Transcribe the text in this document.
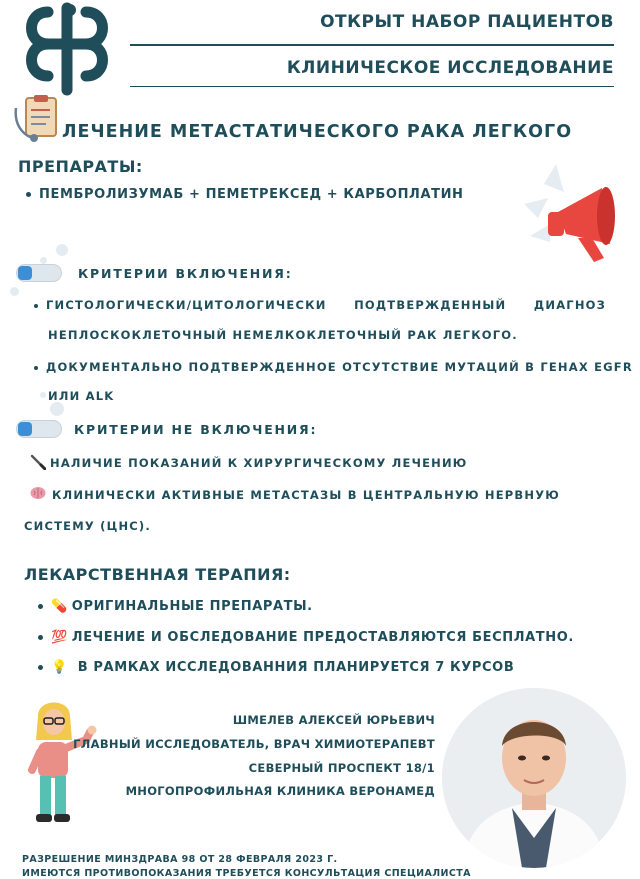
ОТКРЫТ НАБОР ПАЦИЕНТОВ
КЛИНИЧЕСКОЕ ИССЛЕДОВАНИЕ
ЛЕЧЕНИЕ МЕТАСТАТИЧЕСКОГО РАКА ЛЕГКОГО
ПРЕПАРАТЫ:
ПЕМБРОЛИЗУМАБ + ПЕМЕТРЕКСЕД + КАРБОПЛАТИН
КРИТЕРИИ ВКЛЮЧЕНИЯ:
ГИСТОЛОГИЧЕСКИ/ЦИТОЛОГИЧЕСКИ ПОДТВЕРЖДЕННЫЙ ДИАГНОЗ
НЕПЛОСКОКЛЕТОЧНЫЙ НЕМЕЛКОКЛЕТОЧНЫЙ РАК ЛЕГКОГО.
ДОКУМЕНТАЛЬНО ПОДТВЕРЖДЕННОЕ ОТСУТСТВИЕ МУТАЦИЙ В ГЕНАХ EGFR
ИЛИ ALK
КРИТЕРИИ НЕ ВКЛЮЧЕНИЯ:
НАЛИЧИЕ ПОКАЗАНИЙ К ХИРУРГИЧЕСКОМУ ЛЕЧЕНИЮ
КЛИНИЧЕСКИ АКТИВНЫЕ МЕТАСТАЗЫ В ЦЕНТРАЛЬНУЮ НЕРВНУЮ
СИСТЕМУ (ЦНС).
ЛЕКАРСТВЕННАЯ ТЕРАПИЯ:
💊 ОРИГИНАЛЬНЫЕ ПРЕПАРАТЫ.
💯 ЛЕЧЕНИЕ И ОБСЛЕДОВАНИЕ ПРЕДОСТАВЛЯЮТСЯ БЕСПЛАТНО.
💡 В РАМКАХ ИССЛЕДОВАННИЯ ПЛАНИРУЕТСЯ 7 КУРСОВ
ШМЕЛЕВ АЛЕКСЕЙ ЮРЬЕВИЧ
ГЛАВНЫЙ ИССЛЕДОВАТЕЛЬ, ВРАЧ ХИМИОТЕРАПЕВТ
СЕВЕРНЫЙ ПРОСПЕКТ 18/1
МНОГОПРОФИЛЬНАЯ КЛИНИКА ВЕРОНАМЕД
РАЗРЕШЕНИЕ МИНЗДРАВА 98 ОТ 28 ФЕВРАЛЯ 2023 Г.
ИМЕЮТСЯ ПРОТИВОПОКАЗАНИЯ ТРЕБУЕТСЯ КОНСУЛЬТАЦИЯ СПЕЦИАЛИСТА
